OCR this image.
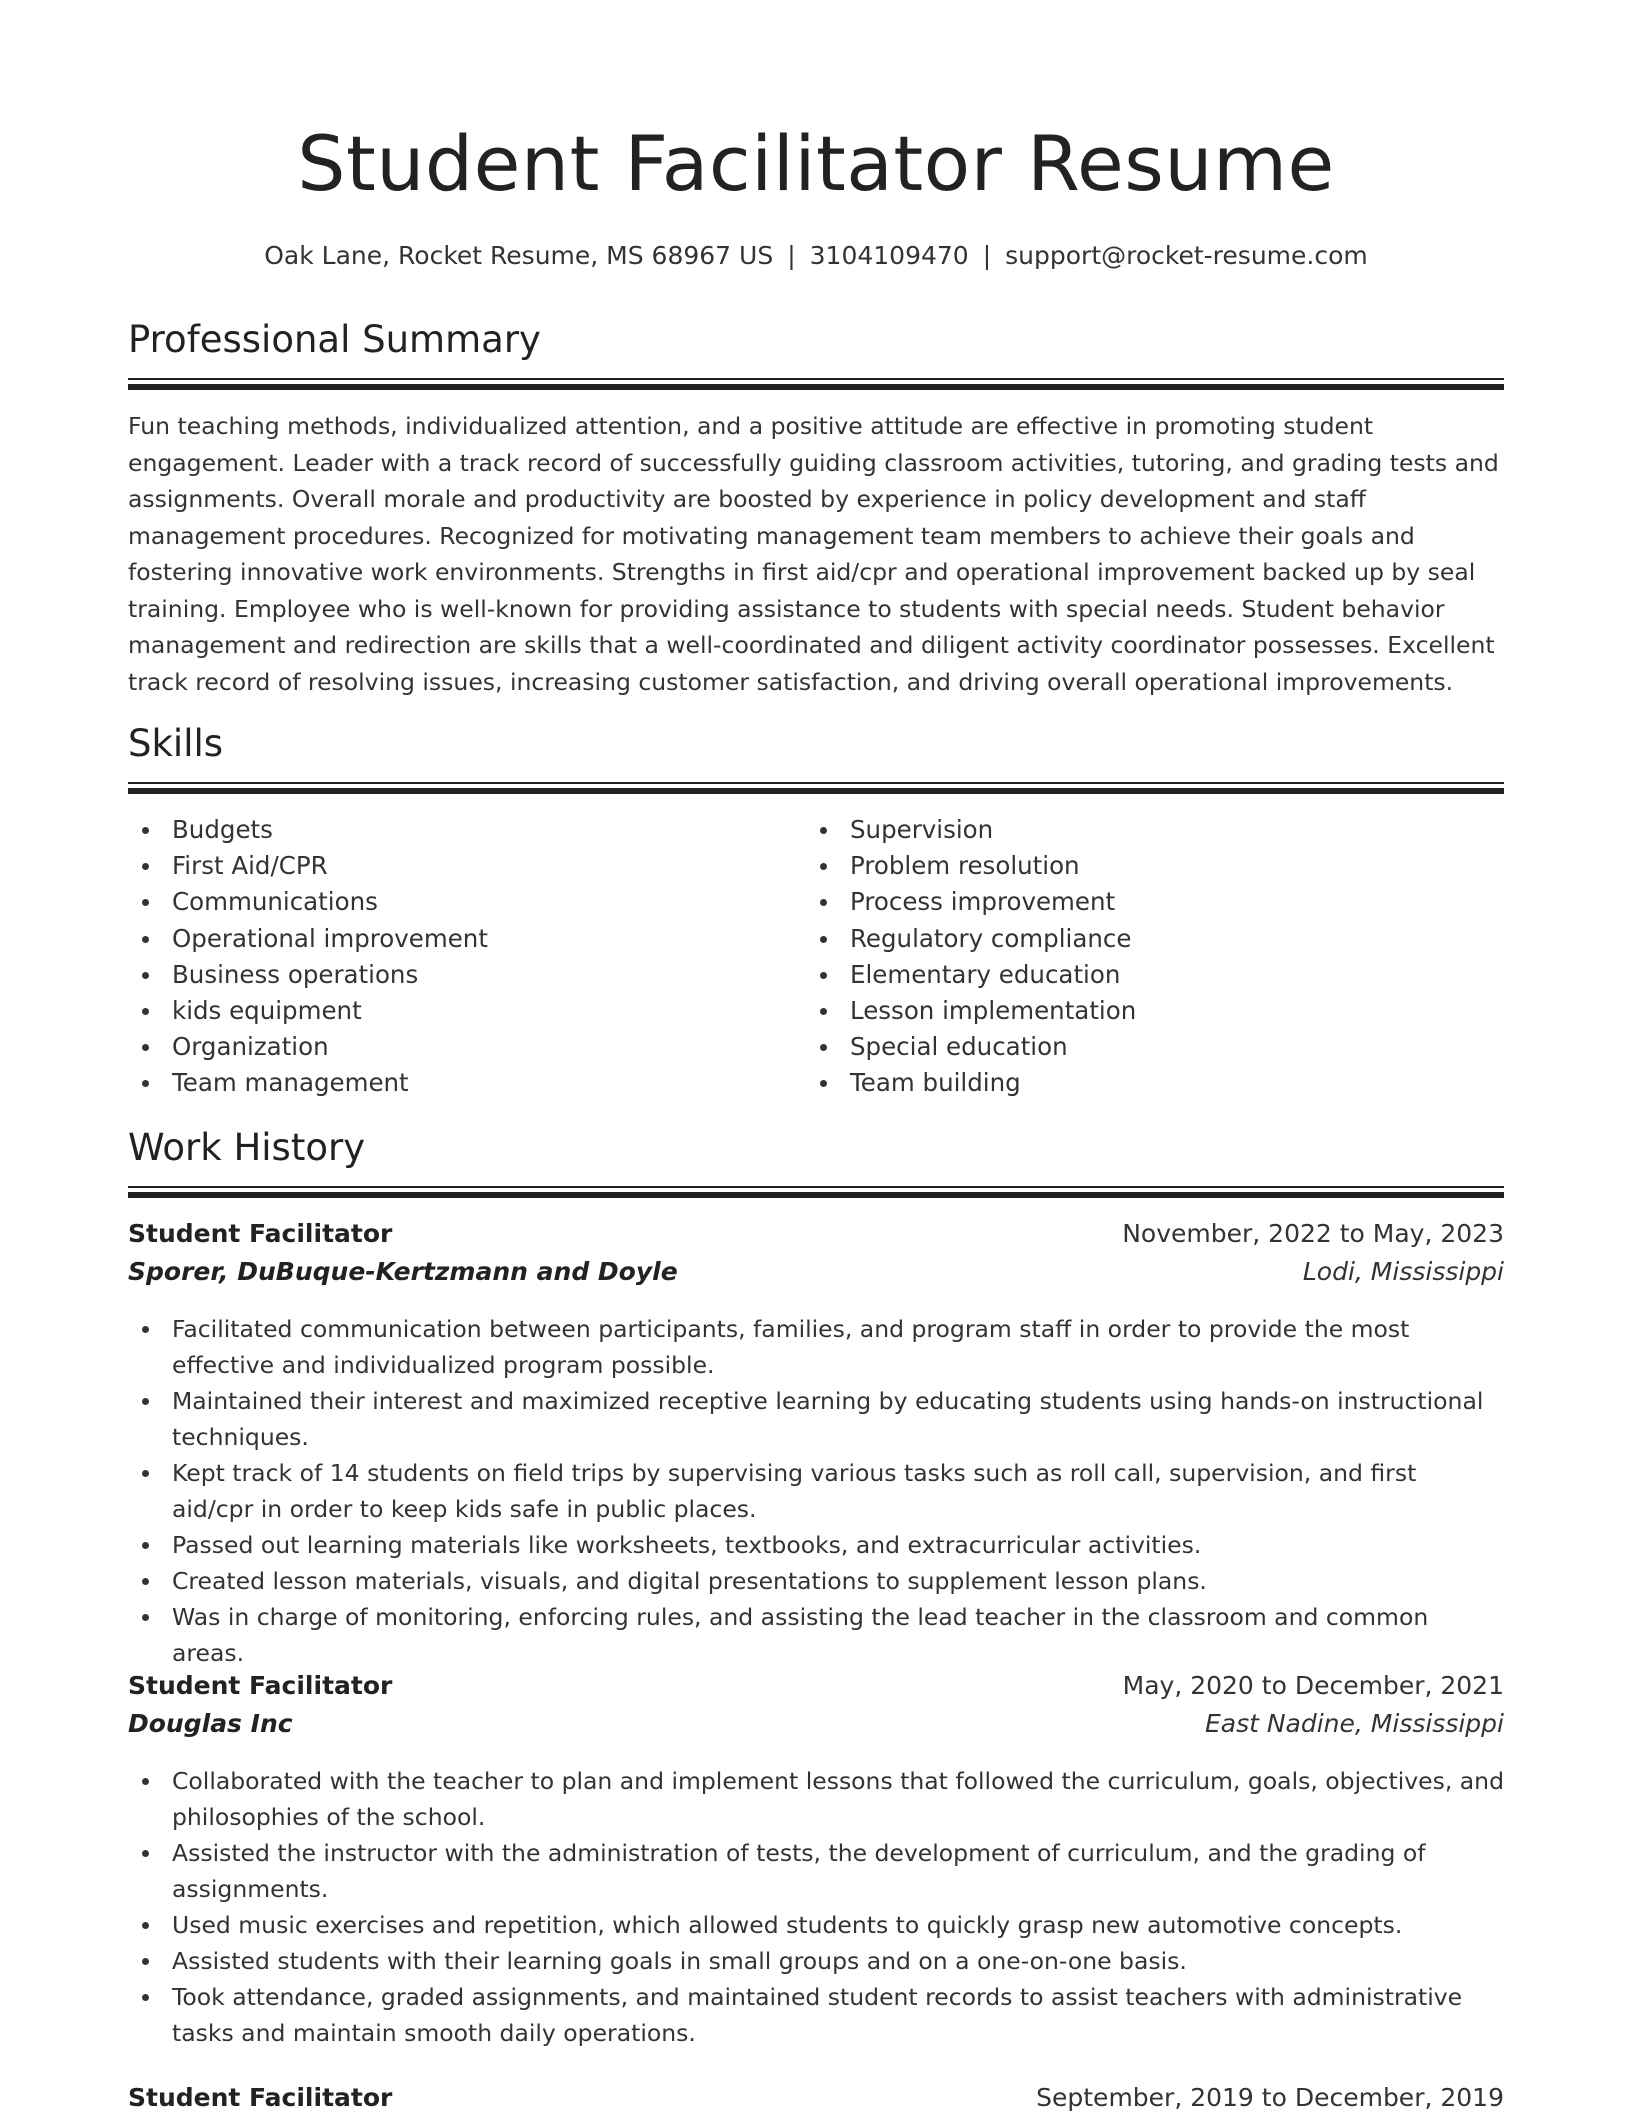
Student Facilitator Resume
Oak Lane, Rocket Resume, MS 68967 US | 3104109470 | support@rocket-resume.com
Professional Summary

Fun teaching methods, individualized attention, and a positive attitude are effective in promoting student engagement. Leader with a track record of successfully guiding classroom activities, tutoring, and grading tests and assignments. Overall morale and productivity are boosted by experience in policy development and staff management procedures. Recognized for motivating management team members to achieve their goals and fostering innovative work environments. Strengths in first aid/cpr and operational improvement backed up by seal training. Employee who is well-known for providing assistance to students with special needs. Student behavior management and redirection are skills that a well-coordinated and diligent activity coordinator possesses. Excellent track record of resolving issues, increasing customer satisfaction, and driving overall operational improvements.

Skills
Budgets
First Aid/CPR
Communications
Operational improvement
Business operations
kids equipment
Organization
Team management
Supervision
Problem resolution
Process improvement
Regulatory compliance
Elementary education
Lesson implementation
Special education
Team building
Work History
Student Facilitator	November, 2022 to May, 2023
Sporer, DuBuque-Kertzmann and Doyle	Lodi, Mississippi
Facilitated communication between participants, families, and program staff in order to provide the most effective and individualized program possible.
Maintained their interest and maximized receptive learning by educating students using hands-on instructional techniques.
Kept track of 14 students on field trips by supervising various tasks such as roll call, supervision, and first aid/cpr in order to keep kids safe in public places.
Passed out learning materials like worksheets, textbooks, and extracurricular activities.
Created lesson materials, visuals, and digital presentations to supplement lesson plans.
Was in charge of monitoring, enforcing rules, and assisting the lead teacher in the classroom and common areas.
Student Facilitator	May, 2020 to December, 2021
Douglas Inc	East Nadine, Mississippi
Collaborated with the teacher to plan and implement lessons that followed the curriculum, goals, objectives, and philosophies of the school.
Assisted the instructor with the administration of tests, the development of curriculum, and the grading of assignments.
Used music exercises and repetition, which allowed students to quickly grasp new automotive concepts.
Assisted students with their learning goals in small groups and on a one-on-one basis.
Took attendance, graded assignments, and maintained student records to assist teachers with administrative tasks and maintain smooth daily operations.
Student Facilitator	September, 2019 to December, 2019
